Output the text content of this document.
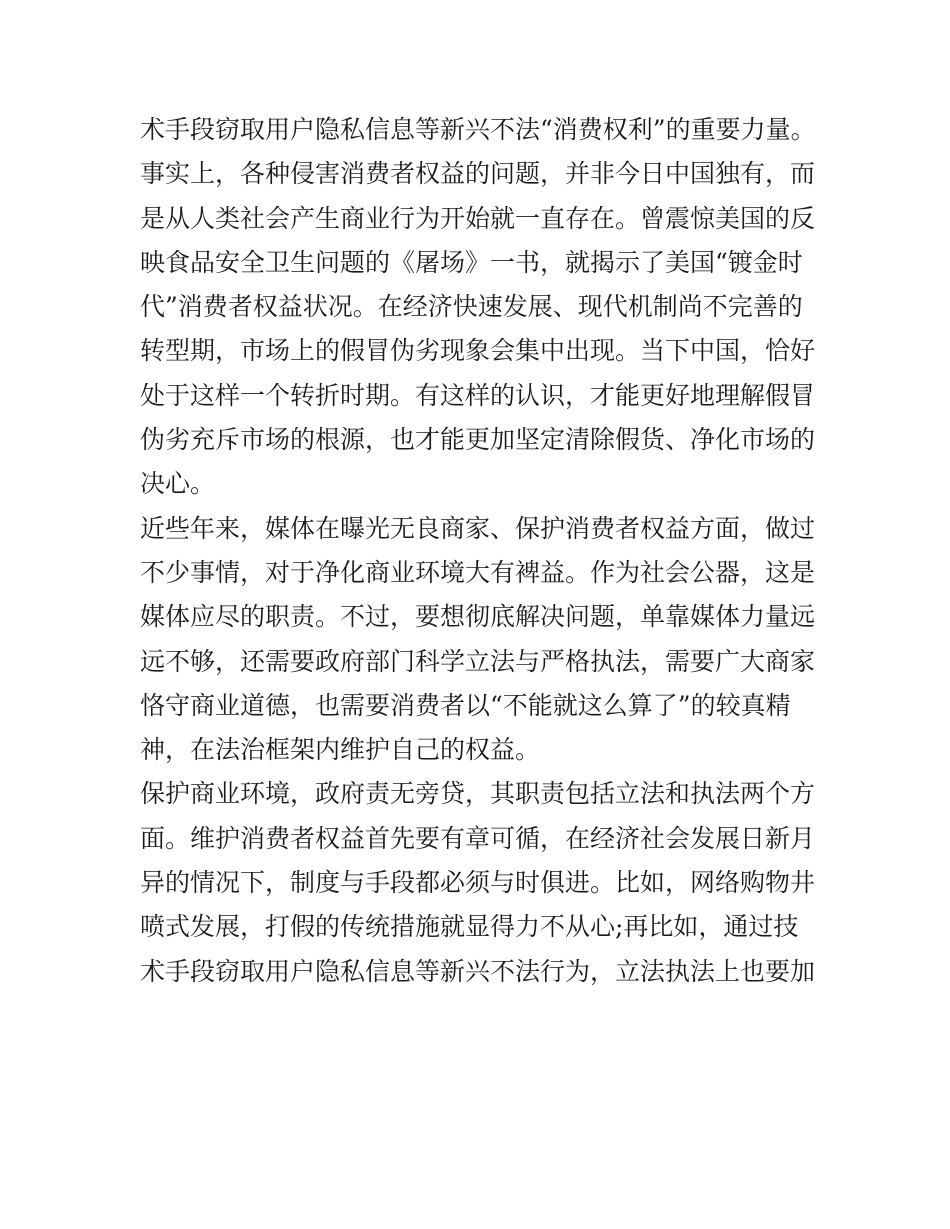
术手段窃取用户隐私信息等新兴不法“消费权利”的重要力量。
事实上，各种侵害消费者权益的问题，并非今日中国独有，而
是从人类社会产生商业行为开始就一直存在。曾震惊美国的反
映食品安全卫生问题的《屠场》一书，就揭示了美国“镀金时
代”消费者权益状况。在经济快速发展、现代机制尚不完善的
转型期，市场上的假冒伪劣现象会集中出现。当下中国，恰好
处于这样一个转折时期。有这样的认识，才能更好地理解假冒
伪劣充斥市场的根源，也才能更加坚定清除假货、净化市场的
决心。
近些年来，媒体在曝光无良商家、保护消费者权益方面，做过
不少事情，对于净化商业环境大有裨益。作为社会公器，这是
媒体应尽的职责。不过，要想彻底解决问题，单靠媒体力量远
远不够，还需要政府部门科学立法与严格执法，需要广大商家
恪守商业道德，也需要消费者以“不能就这么算了”的较真精
神，在法治框架内维护自己的权益。
保护商业环境，政府责无旁贷，其职责包括立法和执法两个方
面。维护消费者权益首先要有章可循，在经济社会发展日新月
异的情况下，制度与手段都必须与时俱进。比如，网络购物井
喷式发展，打假的传统措施就显得力不从心;再比如，通过技
术手段窃取用户隐私信息等新兴不法行为，立法执法上也要加
